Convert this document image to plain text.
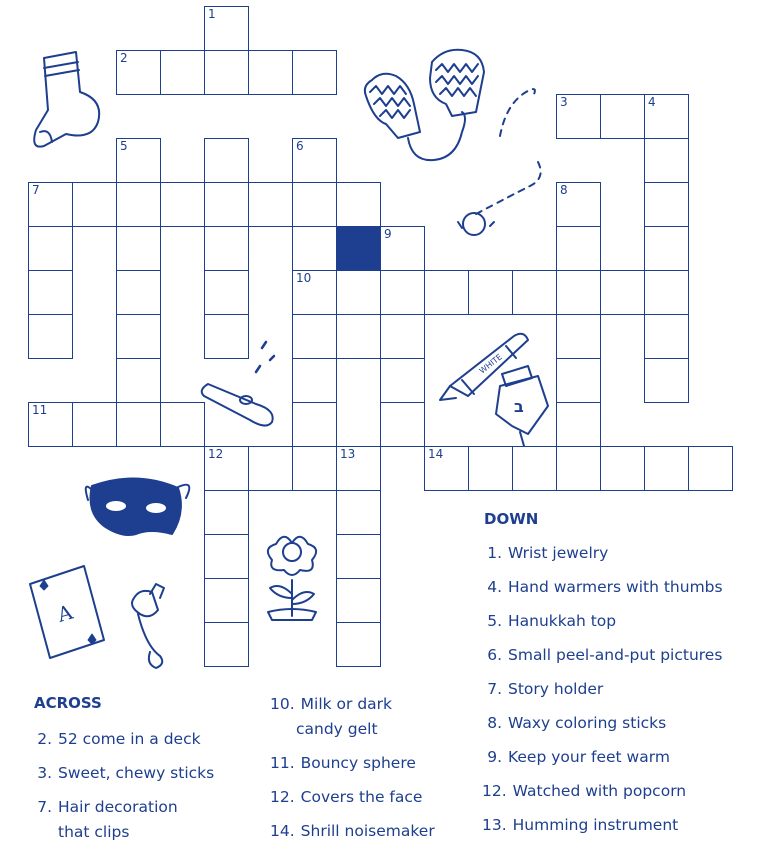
1
2
3	4
5	6
7	8
9
10
11
12	13	14
WHITE
A
ב
DOWN
1. Wrist jewelry
4. Hand warmers with thumbs
5. Hanukkah top
6. Small peel-and-put pictures
7. Story holder
8. Waxy coloring sticks
9. Keep your feet warm
12. Watched with popcorn
13. Humming instrument
ACROSS
2. 52 come in a deck
3. Sweet, chewy sticks
7. Hair decoration
that clips
10. Milk or dark
candy gelt
11. Bouncy sphere
12. Covers the face
14. Shrill noisemaker
